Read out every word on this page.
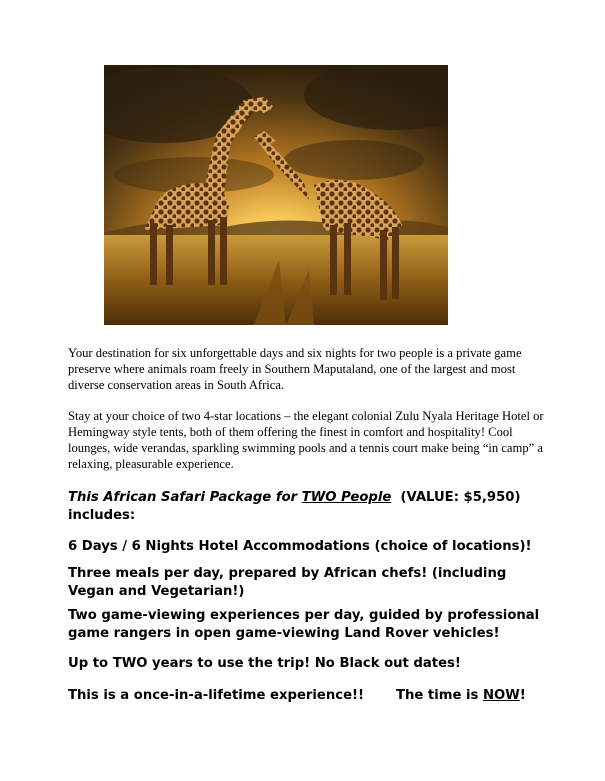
Your destination for six unforgettable days and six nights for two people is a private game preserve where animals roam freely in Southern Maputaland, one of the largest and most diverse conservation areas in South Africa.
Stay at your choice of two 4-star locations – the elegant colonial Zulu Nyala Heritage Hotel or Hemingway style tents, both of them offering the finest in comfort and hospitality! Cool lounges, wide verandas, sparkling swimming pools and a tennis court make being “in camp” a relaxing, pleasurable experience.
This African Safari Package for TWO People (VALUE: $5,950)
includes:
6 Days / 6 Nights Hotel Accommodations (choice of locations)!
Three meals per day, prepared by African chefs! (including Vegan and Vegetarian!)
Two game-viewing experiences per day, guided by professional game rangers in open game-viewing Land Rover vehicles!
Up to TWO years to use the trip! No Black out dates!
This is a once-in-a-lifetime experience!! The time is NOW!
